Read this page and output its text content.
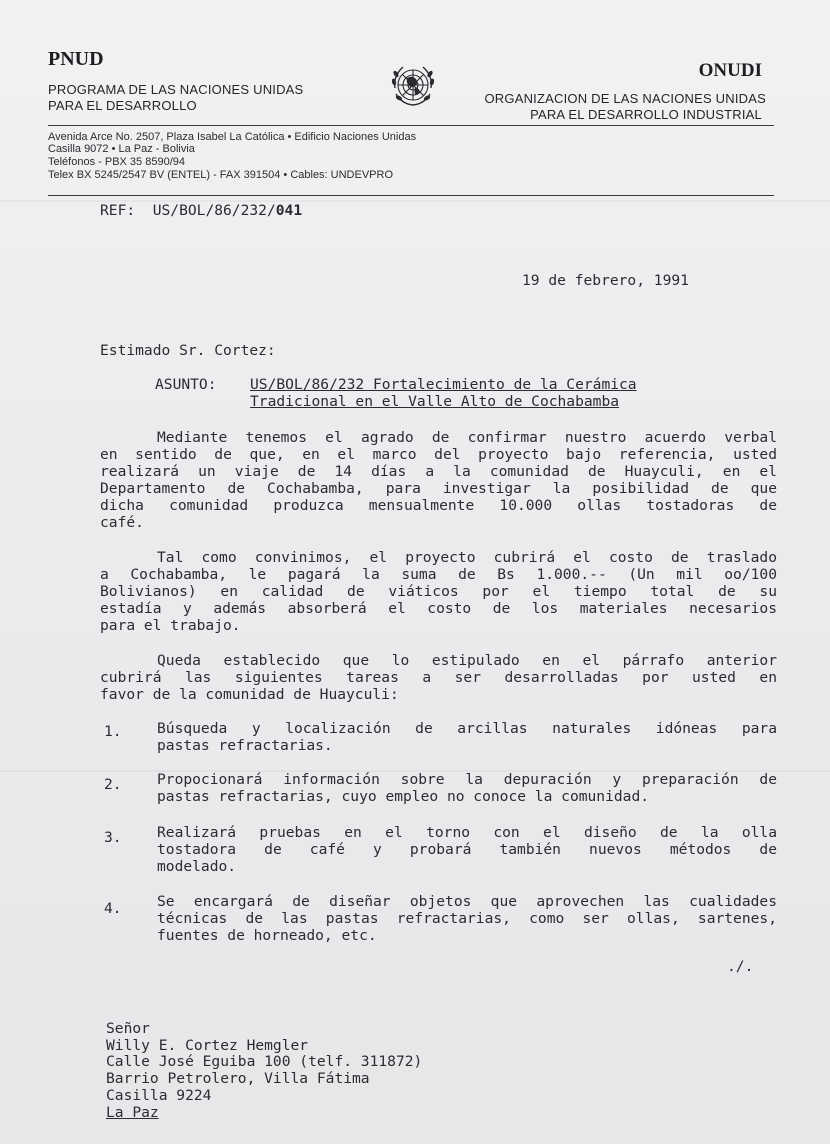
PNUD
PROGRAMA DE LAS NACIONES UNIDAS
PARA EL DESARROLLO
ONUDI
ORGANIZACION DE LAS NACIONES UNIDAS
PARA EL DESARROLLO INDUSTRIAL
Avenida Arce No. 2507, Plaza Isabel La Católica • Edificio Naciones Unidas
Casilla 9072 • La Paz - Bolivia
Teléfonos - PBX 35 8590/94
Telex BX 5245/2547 BV (ENTEL) - FAX 391504 • Cables: UNDEVPRO
REF: US/BOL/86/232/041
19 de febrero, 1991
Estimado Sr. Cortez:
ASUNTO: US/BOL/86/232 Fortalecimiento de la Cerámica
Tradicional en el Valle Alto de Cochabamba
Mediante tenemos el agrado de confirmar nuestro acuerdo verbal
en sentido de que, en el marco del proyecto bajo referencia, usted
realizará un viaje de 14 días a la comunidad de Huayculi, en el
Departamento de Cochabamba, para investigar la posibilidad de que
dicha comunidad produzca mensualmente 10.000 ollas tostadoras de
café.
Tal como convinimos, el proyecto cubrirá el costo de traslado
a Cochabamba, le pagará la suma de Bs 1.000.-- (Un mil oo/100
Bolivianos) en calidad de viáticos por el tiempo total de su
estadía y además absorberá el costo de los materiales necesarios
para el trabajo.
Queda establecido que lo estipulado en el párrafo anterior
cubrirá las siguientes tareas a ser desarrolladas por usted en
favor de la comunidad de Huayculi:
1. Búsqueda y localización de arcillas naturales idóneas para
pastas refractarias.
2. Propocionará información sobre la depuración y preparación de
pastas refractarias, cuyo empleo no conoce la comunidad.
3. Realizará pruebas en el torno con el diseño de la olla
tostadora de café y probará también nuevos métodos de
modelado.
4. Se encargará de diseñar objetos que aprovechen las cualidades
técnicas de las pastas refractarias, como ser ollas, sartenes,
fuentes de horneado, etc.
./.
Señor
Willy E. Cortez Hemgler
Calle José Eguiba 100 (telf. 311872)
Barrio Petrolero, Villa Fátima
Casilla 9224
La Paz
